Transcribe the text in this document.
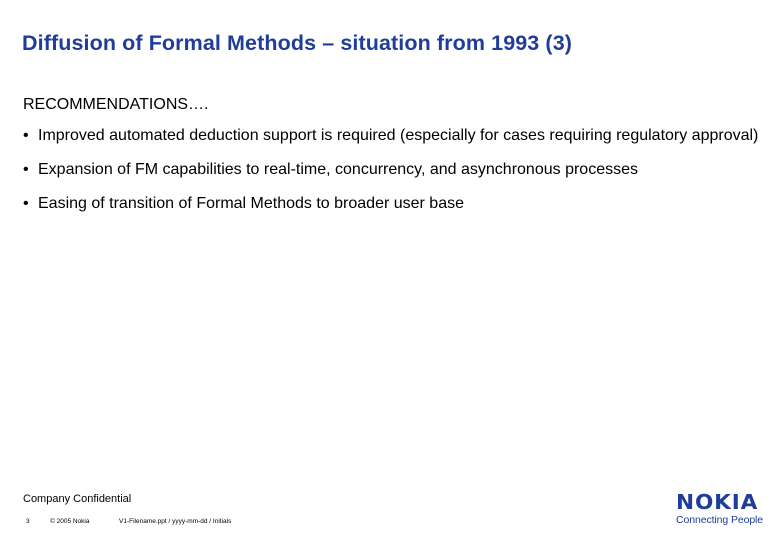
Diffusion of Formal Methods – situation from 1993 (3)
RECOMMENDATIONS….
• Improved automated deduction support is required (especially for cases requiring regulatory approval)
• Expansion of FM capabilities to real-time, concurrency, and asynchronous processes
• Easing of transition of Formal Methods to broader user base
Company Confidential
3	© 2005 Nokia	V1-Filename.ppt / yyyy-mm-dd / Initials
NOKIA
Connecting People
